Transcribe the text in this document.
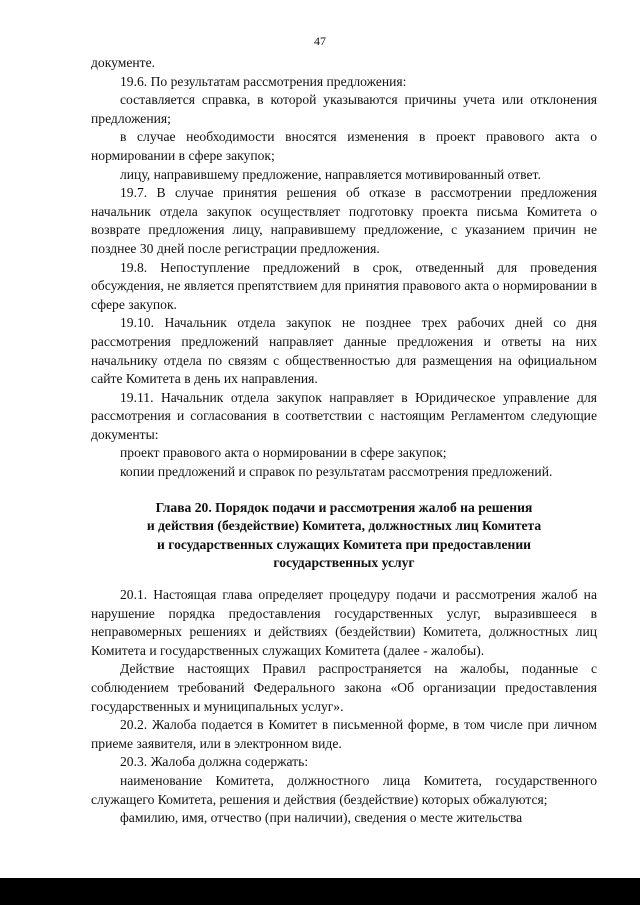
47

документе.

19.6. По результатам рассмотрения предложения:

составляется справка, в которой указываются причины учета или отклонения предложения;

в случае необходимости вносятся изменения в проект правового акта о нормировании в сфере закупок;

лицу, направившему предложение, направляется мотивированный ответ.

19.7. В случае принятия решения об отказе в рассмотрении предложения начальник отдела закупок осуществляет подготовку проекта письма Комитета о возврате предложения лицу, направившему предложение, с указанием причин не позднее 30 дней после регистрации предложения.

19.8. Непоступление предложений в срок, отведенный для проведения обсуждения, не является препятствием для принятия правового акта о нормировании в сфере закупок.

19.10. Начальник отдела закупок не позднее трех рабочих дней со дня рассмотрения предложений направляет данные предложения и ответы на них начальнику отдела по связям с общественностью для размещения на официальном сайте Комитета в день их направления.

19.11. Начальник отдела закупок направляет в Юридическое управление для рассмотрения и согласования в соответствии с настоящим Регламентом следующие документы:

проект правового акта о нормировании в сфере закупок;

копии предложений и справок по результатам рассмотрения предложений.

Глава 20. Порядок подачи и рассмотрения жалоб на решения
и действия (бездействие) Комитета, должностных лиц Комитета
и государственных служащих Комитета при предоставлении
государственных услуг

20.1. Настоящая глава определяет процедуру подачи и рассмотрения жалоб на нарушение порядка предоставления государственных услуг, выразившееся в неправомерных решениях и действиях (бездействии) Комитета, должностных лиц Комитета и государственных служащих Комитета (далее - жалобы).

Действие настоящих Правил распространяется на жалобы, поданные с соблюдением требований Федерального закона «Об организации предоставления государственных и муниципальных услуг».

20.2. Жалоба подается в Комитет в письменной форме, в том числе при личном приеме заявителя, или в электронном виде.

20.3. Жалоба должна содержать:

наименование Комитета, должностного лица Комитета, государственного служащего Комитета, решения и действия (бездействие) которых обжалуются;

фамилию, имя, отчество (при наличии), сведения о месте жительства
